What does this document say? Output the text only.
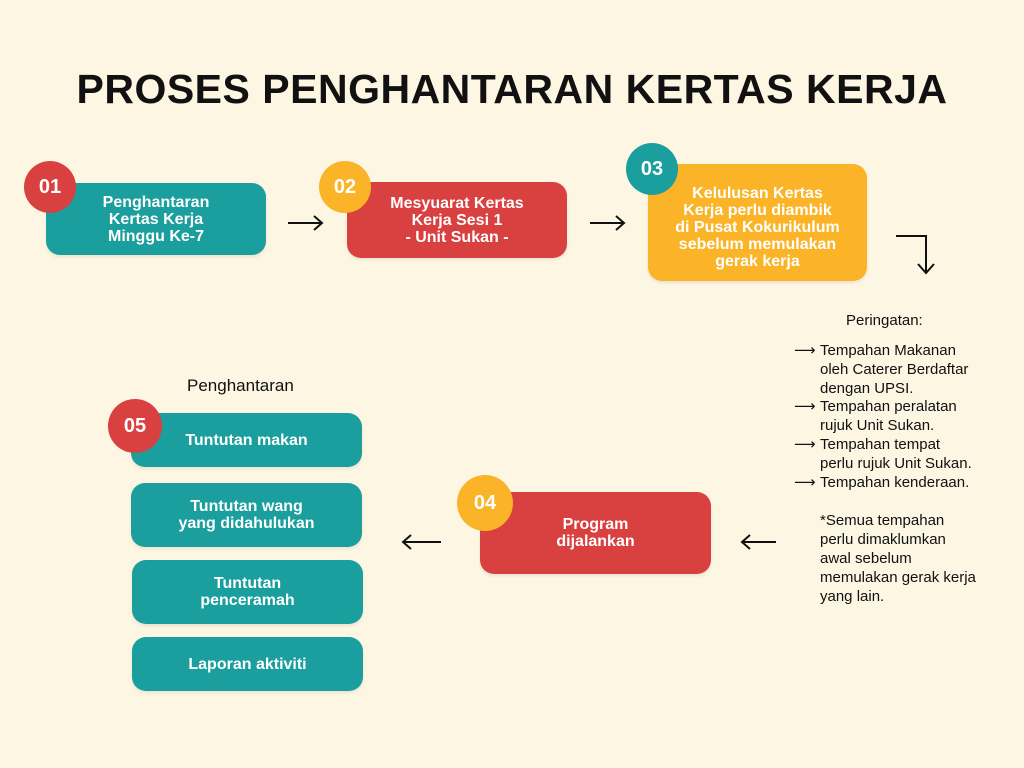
PROSES PENGHANTARAN KERTAS KERJA
Penghantaran
Kertas Kerja
Minggu Ke-7
01
Mesyuarat Kertas
Kerja Sesi 1
- Unit Sukan -
02	Kelulusan Kertas
Kerja perlu diambik
di Pusat Kokurikulum
sebelum memulakan
gerak kerja
03
Peringatan:
⟶ Tempahan Makanan
oleh Caterer Berdaftar
dengan UPSI.
⟶ Tempahan peralatan
rujuk Unit Sukan.
⟶ Tempahan tempat
perlu rujuk Unit Sukan.
⟶ Tempahan kenderaan.
*Semua tempahan
perlu dimaklumkan
awal sebelum
memulakan gerak kerja
yang lain.
Program
dijalankan
04
Penghantaran
Tuntutan makan
05
Tuntutan wang
yang didahulukan
Tuntutan
penceramah
Laporan aktiviti
